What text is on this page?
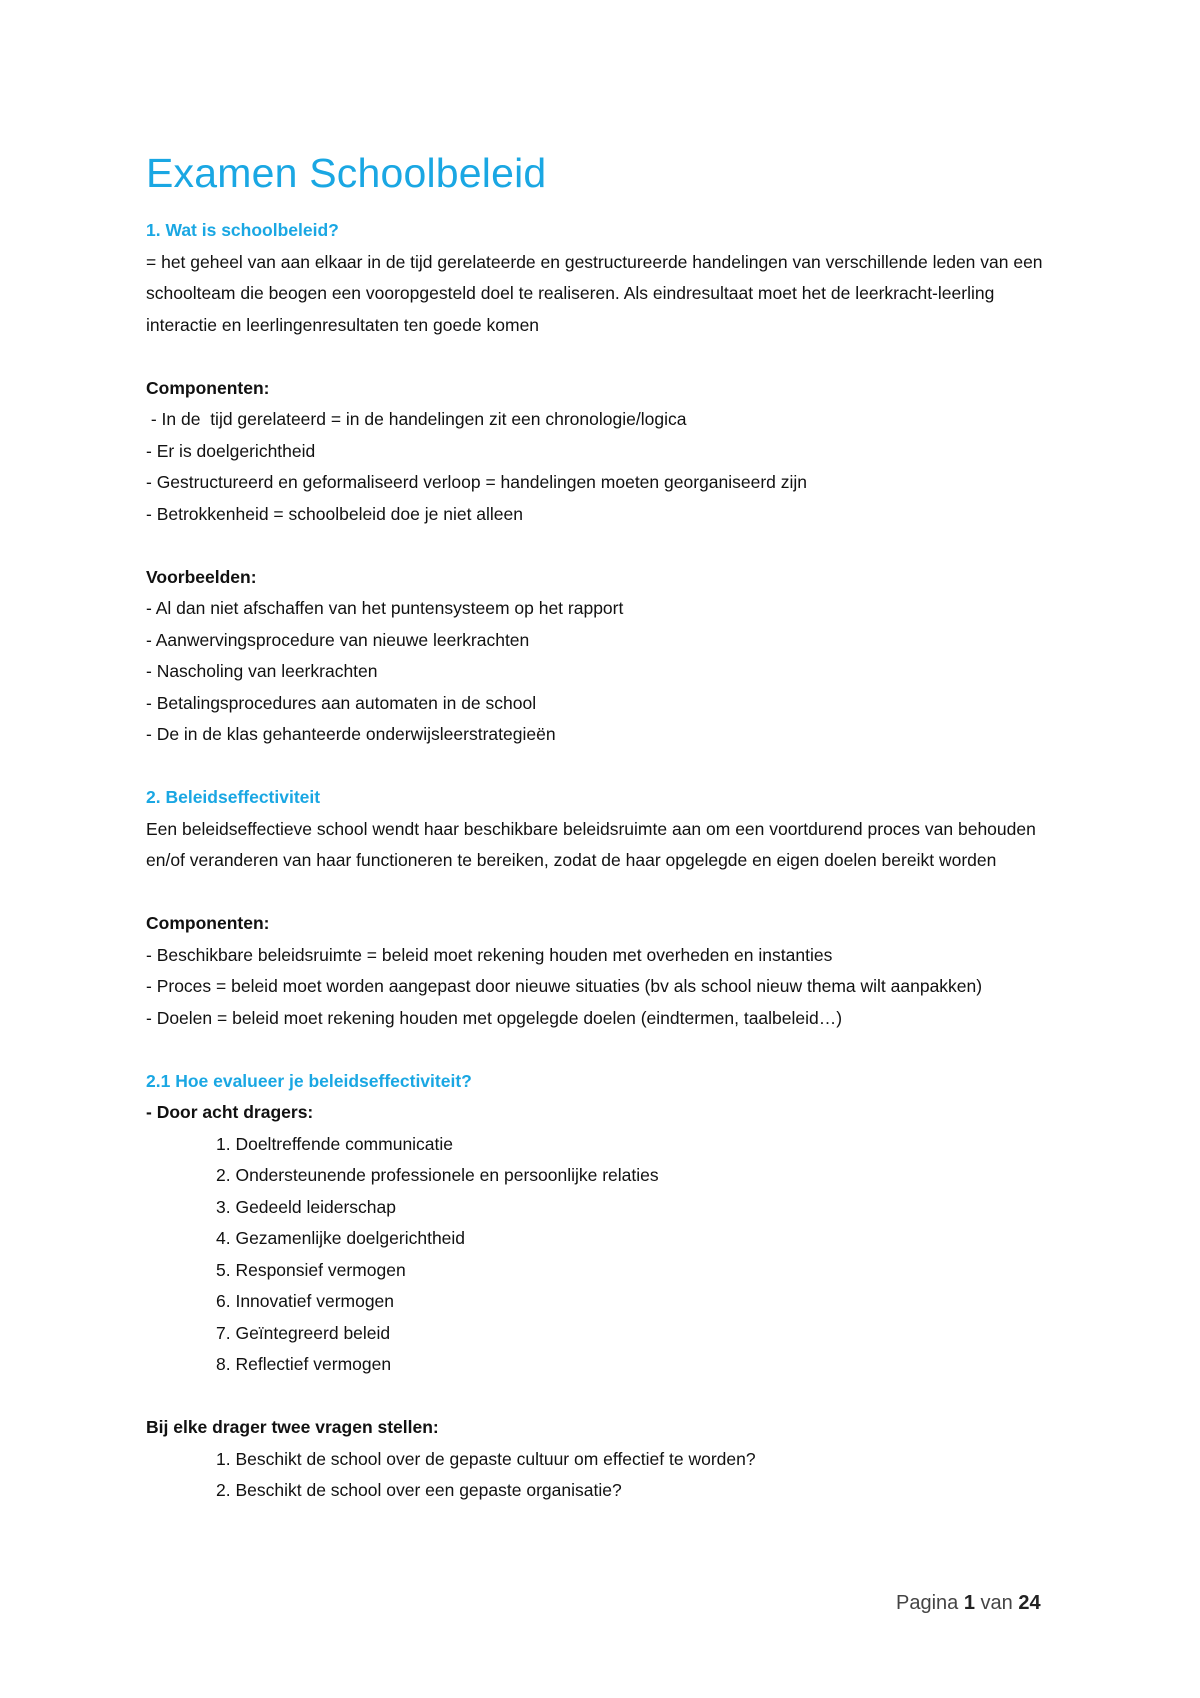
Examen Schoolbeleid
1. Wat is schoolbeleid?

= het geheel van aan elkaar in de tijd gerelateerde en gestructureerde handelingen van verschillende leden van een schoolteam die beogen een vooropgesteld doel te realiseren. Als eindresultaat moet het de leerkracht-leerling interactie en leerlingenresultaten ten goede komen

Componenten:
- In de  tijd gerelateerd = in de handelingen zit een chronologie/logica
- Er is doelgerichtheid
- Gestructureerd en geformaliseerd verloop = handelingen moeten georganiseerd zijn
- Betrokkenheid = schoolbeleid doe je niet alleen
Voorbeelden:
- Al dan niet afschaffen van het puntensysteem op het rapport
- Aanwervingsprocedure van nieuwe leerkrachten
- Nascholing van leerkrachten
- Betalingsprocedures aan automaten in de school
- De in de klas gehanteerde onderwijsleerstrategieën
2. Beleidseffectiviteit

Een beleidseffectieve school wendt haar beschikbare beleidsruimte aan om een voortdurend proces van behouden en/of veranderen van haar functioneren te bereiken, zodat de haar opgelegde en eigen doelen bereikt worden

Componenten:
- Beschikbare beleidsruimte = beleid moet rekening houden met overheden en instanties
- Proces = beleid moet worden aangepast door nieuwe situaties (bv als school nieuw thema wilt aanpakken)
- Doelen = beleid moet rekening houden met opgelegde doelen (eindtermen, taalbeleid…)
2.1 Hoe evalueer je beleidseffectiviteit?
- Door acht dragers:
1. Doeltreffende communicatie
2. Ondersteunende professionele en persoonlijke relaties
3. Gedeeld leiderschap
4. Gezamenlijke doelgerichtheid
5. Responsief vermogen
6. Innovatief vermogen
7. Geïntegreerd beleid
8. Reflectief vermogen
Bij elke drager twee vragen stellen:
1. Beschikt de school over de gepaste cultuur om effectief te worden?
2. Beschikt de school over een gepaste organisatie?
Pagina 1 van 24
